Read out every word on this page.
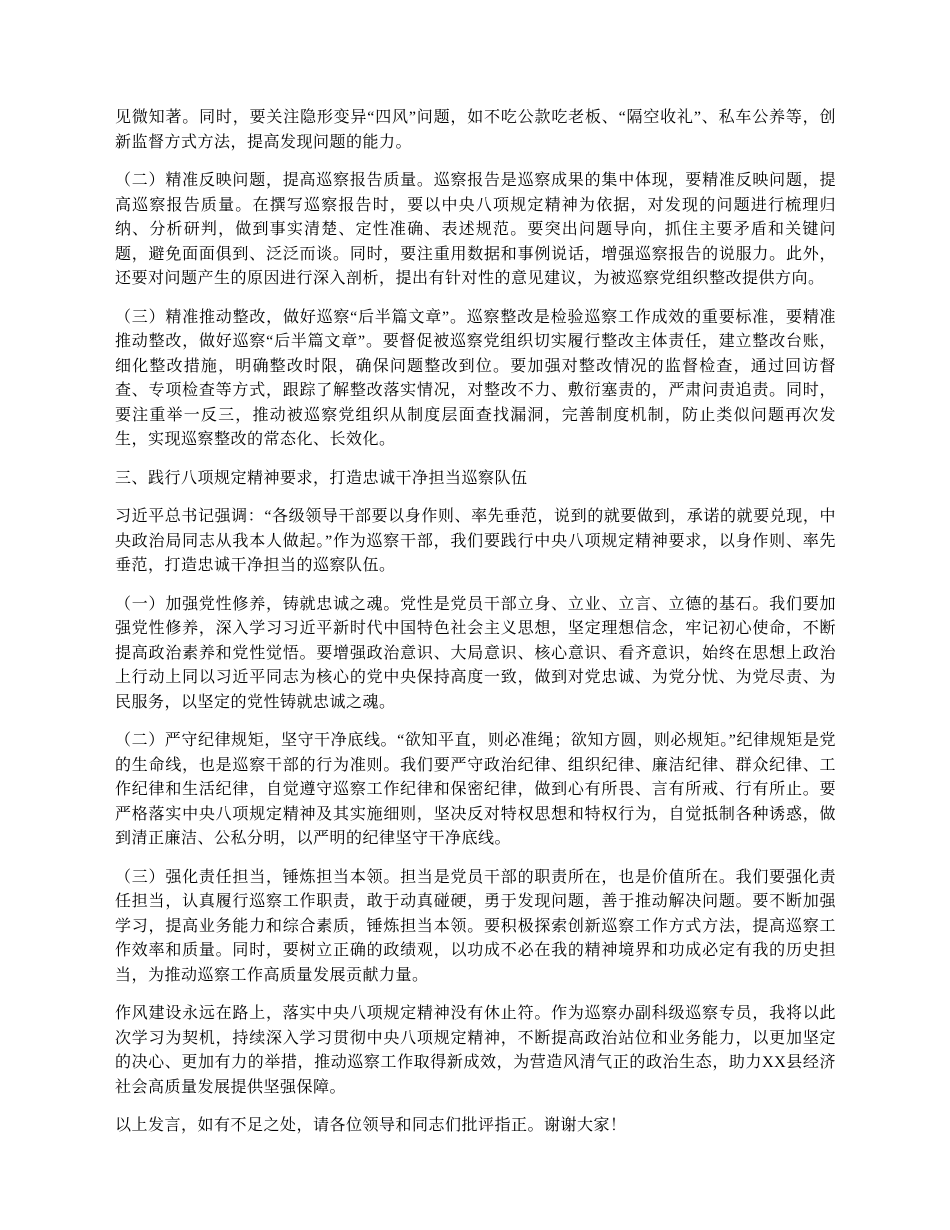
见微知著。同时，要关注隐形变异“四风”问题，如不吃公款吃老板、“隔空收礼”、私车公养等，创新监督方式方法，提高发现问题的能力。

（二）精准反映问题，提高巡察报告质量。巡察报告是巡察成果的集中体现，要精准反映问题，提高巡察报告质量。在撰写巡察报告时，要以中央八项规定精神为依据，对发现的问题进行梳理归纳、分析研判，做到事实清楚、定性准确、表述规范。要突出问题导向，抓住主要矛盾和关键问题，避免面面俱到、泛泛而谈。同时，要注重用数据和事例说话，增强巡察报告的说服力。此外，还要对问题产生的原因进行深入剖析，提出有针对性的意见建议，为被巡察党组织整改提供方向。

（三）精准推动整改，做好巡察“后半篇文章”。巡察整改是检验巡察工作成效的重要标准，要精准推动整改，做好巡察“后半篇文章”。要督促被巡察党组织切实履行整改主体责任，建立整改台账，细化整改措施，明确整改时限，确保问题整改到位。要加强对整改情况的监督检查，通过回访督查、专项检查等方式，跟踪了解整改落实情况，对整改不力、敷衍塞责的，严肃问责追责。同时，要注重举一反三，推动被巡察党组织从制度层面查找漏洞，完善制度机制，防止类似问题再次发生，实现巡察整改的常态化、长效化。

三、践行八项规定精神要求，打造忠诚干净担当巡察队伍

习近平总书记强调：“各级领导干部要以身作则、率先垂范，说到的就要做到，承诺的就要兑现，中央政治局同志从我本人做起。”作为巡察干部，我们要践行中央八项规定精神要求，以身作则、率先垂范，打造忠诚干净担当的巡察队伍。

（一）加强党性修养，铸就忠诚之魂。党性是党员干部立身、立业、立言、立德的基石。我们要加强党性修养，深入学习习近平新时代中国特色社会主义思想，坚定理想信念，牢记初心使命，不断提高政治素养和党性觉悟。要增强政治意识、大局意识、核心意识、看齐意识，始终在思想上政治上行动上同以习近平同志为核心的党中央保持高度一致，做到对党忠诚、为党分忧、为党尽责、为民服务，以坚定的党性铸就忠诚之魂。

（二）严守纪律规矩，坚守干净底线。“欲知平直，则必准绳；欲知方圆，则必规矩。”纪律规矩是党的生命线，也是巡察干部的行为准则。我们要严守政治纪律、组织纪律、廉洁纪律、群众纪律、工作纪律和生活纪律，自觉遵守巡察工作纪律和保密纪律，做到心有所畏、言有所戒、行有所止。要严格落实中央八项规定精神及其实施细则，坚决反对特权思想和特权行为，自觉抵制各种诱惑，做到清正廉洁、公私分明，以严明的纪律坚守干净底线。

（三）强化责任担当，锤炼担当本领。担当是党员干部的职责所在，也是价值所在。我们要强化责任担当，认真履行巡察工作职责，敢于动真碰硬，勇于发现问题，善于推动解决问题。要不断加强学习，提高业务能力和综合素质，锤炼担当本领。要积极探索创新巡察工作方式方法，提高巡察工作效率和质量。同时，要树立正确的政绩观，以功成不必在我的精神境界和功成必定有我的历史担当，为推动巡察工作高质量发展贡献力量。

作风建设永远在路上，落实中央八项规定精神没有休止符。作为巡察办副科级巡察专员，我将以此次学习为契机，持续深入学习贯彻中央八项规定精神，不断提高政治站位和业务能力，以更加坚定的决心、更加有力的举措，推动巡察工作取得新成效，为营造风清气正的政治生态，助力XX县经济社会高质量发展提供坚强保障。

以上发言，如有不足之处，请各位领导和同志们批评指正。谢谢大家！
